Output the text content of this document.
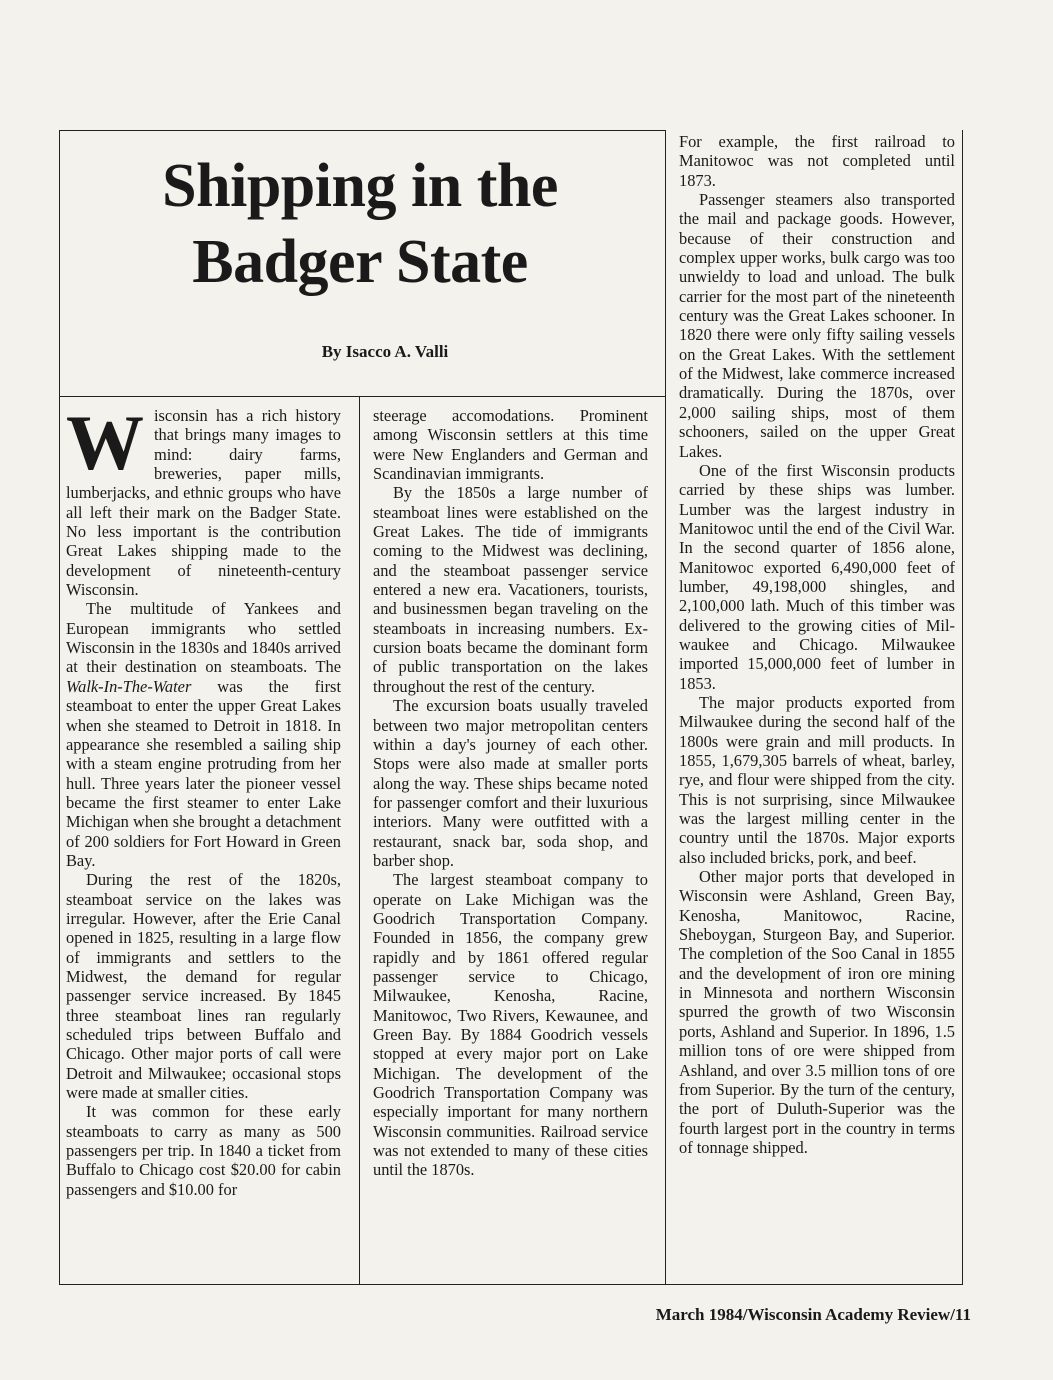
Shipping in the
Badger State
By Isacco A. Valli

Wisconsin has a rich history that brings many images to mind: dairy farms, breweries, paper mills, lumberjacks, and ethnic groups who have all left their mark on the Badger State. No less important is the contribution Great Lakes shipping made to the development of nineteenth-century Wisconsin.

The multitude of Yankees and European immigrants who settled Wisconsin in the 1830s and 1840s arrived at their destination on steamboats. The Walk-In-The-Water was the first steamboat to enter the upper Great Lakes when she steamed to Detroit in 1818. In appearance she resembled a sailing ship with a steam engine protruding from her hull. Three years later the pioneer vessel became the first steamer to enter Lake Michigan when she brought a detachment of 200 soldiers for Fort Howard in Green Bay.

During the rest of the 1820s, steamboat service on the lakes was irregular. However, after the Erie Canal opened in 1825, resulting in a large flow of immigrants and settlers to the Midwest, the demand for regular passenger service increased. By 1845 three steamboat lines ran regularly scheduled trips between Buffalo and Chicago. Other major ports of call were Detroit and Milwaukee; occasional stops were made at smaller cities.

It was common for these early steamboats to carry as many as 500 passengers per trip. In 1840 a ticket from Buffalo to Chicago cost $20.00 for cabin passengers and $10.00 for

steerage accomodations. Prominent among Wisconsin settlers at this time were New Englanders and German and Scandinavian immigrants.

By the 1850s a large number of steamboat lines were established on the Great Lakes. The tide of immigrants coming to the Midwest was declining, and the steamboat passenger service entered a new era. Vacationers, tourists, and businessmen began traveling on the steamboats in increasing numbers. Excursion boats became the dominant form of public transportation on the lakes throughout the rest of the century.

The excursion boats usually traveled between two major metropolitan centers within a day's journey of each other. Stops were also made at smaller ports along the way. These ships became noted for passenger comfort and their luxurious interiors. Many were outfitted with a restaurant, snack bar, soda shop, and barber shop.

The largest steamboat company to operate on Lake Michigan was the Goodrich Transportation Company. Founded in 1856, the company grew rapidly and by 1861 offered regular passenger service to Chicago, Milwaukee, Kenosha, Racine, Manitowoc, Two Rivers, Kewaunee, and Green Bay. By 1884 Goodrich vessels stopped at every major port on Lake Michigan. The development of the Goodrich Transportation Company was especially important for many northern Wisconsin communities. Railroad service was not extended to many of these cities until the 1870s.

For example, the first railroad to Manitowoc was not completed until 1873.

Passenger steamers also transported the mail and package goods. However, because of their construction and complex upper works, bulk cargo was too unwieldy to load and unload. The bulk carrier for the most part of the nineteenth century was the Great Lakes schooner. In 1820 there were only fifty sailing vessels on the Great Lakes. With the settlement of the Midwest, lake commerce increased dramatically. During the 1870s, over 2,000 sailing ships, most of them schooners, sailed on the upper Great Lakes.

One of the first Wisconsin products carried by these ships was lumber. Lumber was the largest industry in Manitowoc until the end of the Civil War. In the second quarter of 1856 alone, Manitowoc exported 6,490,000 feet of lumber, 49,198,000 shingles, and 2,100,000 lath. Much of this timber was delivered to the growing cities of Milwaukee and Chicago. Milwaukee imported 15,000,000 feet of lumber in 1853.

The major products exported from Milwaukee during the second half of the 1800s were grain and mill products. In 1855, 1,679,305 barrels of wheat, barley, rye, and flour were shipped from the city. This is not surprising, since Milwaukee was the largest milling center in the country until the 1870s. Major exports also included bricks, pork, and beef.

Other major ports that developed in Wisconsin were Ashland, Green Bay, Kenosha, Manitowoc, Racine, Sheboygan, Sturgeon Bay, and Superior. The completion of the Soo Canal in 1855 and the development of iron ore mining in Minnesota and northern Wisconsin spurred the growth of two Wisconsin ports, Ashland and Superior. In 1896, 1.5 million tons of ore were shipped from Ashland, and over 3.5 million tons of ore from Superior. By the turn of the century, the port of Duluth-Superior was the fourth largest port in the country in terms of tonnage shipped.

March 1984/Wisconsin Academy Review/11
